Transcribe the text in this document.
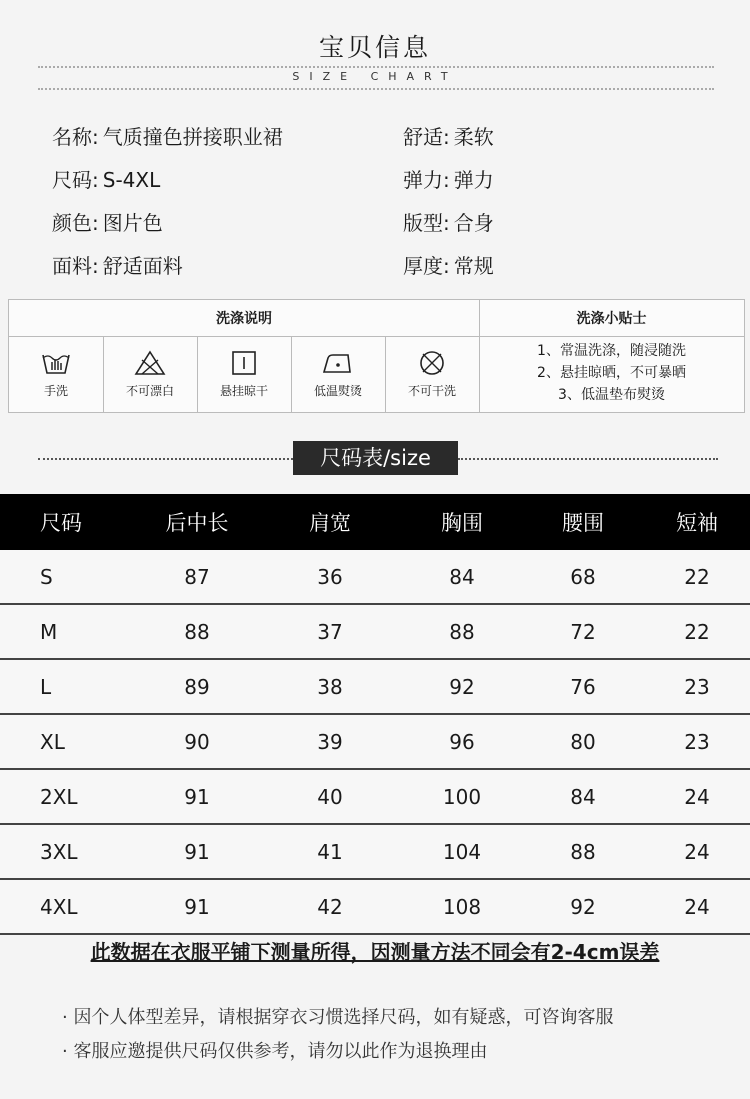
宝贝信息
SIZE CHART
名称: 气质撞色拼接职业裙
尺码: S-4XL
颜色: 图片色
面料: 舒适面料
舒适: 柔软
弹力: 弹力
版型: 合身
厚度: 常规
洗涤说明	洗涤小贴士
手洗	不可漂白	悬挂晾干	低温熨烫	不可干洗
1、常温洗涤，随浸随洗
2、悬挂晾晒，不可暴晒
3、低温垫布熨烫
尺码表/size
尺码	后中长	肩宽	胸围	腰围	短袖
S	87	36	84	68	22
M	88	37	88	72	22
L	89	38	92	76	23
XL	90	39	96	80	23
2XL	91	40	100	84	24
3XL	91	41	104	88	24
4XL	91	42	108	92	24
此数据在衣服平铺下测量所得，因测量方法不同会有2-4cm误差
· 因个人体型差异，请根据穿衣习惯选择尺码，如有疑惑，可咨询客服
· 客服应邀提供尺码仅供参考，请勿以此作为退换理由
